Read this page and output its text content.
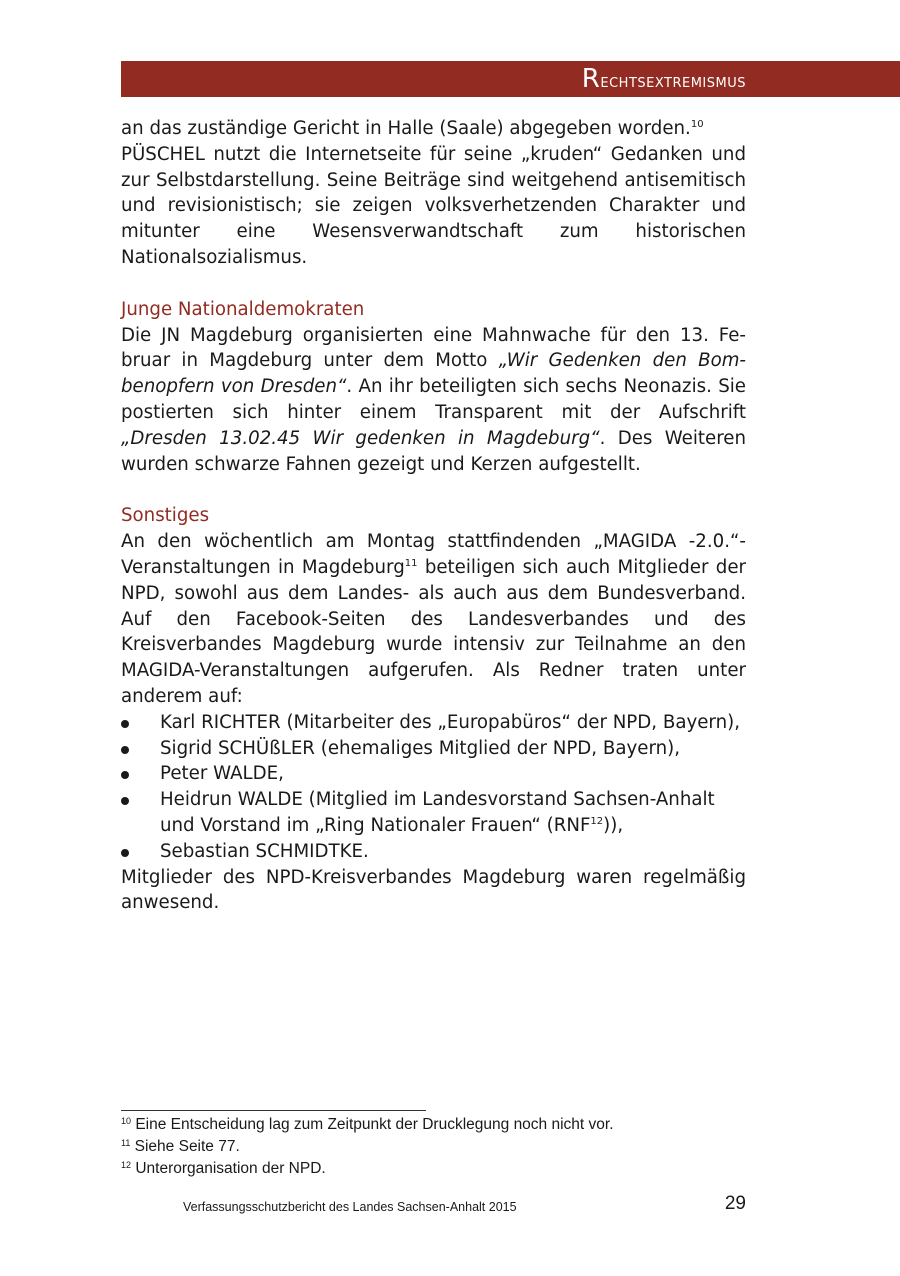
Rechtsextremismus

an das zuständige Gericht in Halle (Saale) abgegeben worden.$^{10}$
PÜSCHEL nutzt die Internetseite für seine „kruden“ Gedanken und zur Selbstdarstellung. Seine Beiträge sind weitgehend antisemitisch und revisionistisch; sie zeigen volksverhetzenden Charakter und mitunter eine Wesensverwandtschaft zum historischen Nationalsozialismus.

Junge Nationaldemokraten

Die JN Magdeburg organisierten eine Mahnwache für den 13. Februar in Magdeburg unter dem Motto „Wir Gedenken den Bombenopfern von Dresden“. An ihr beteiligten sich sechs Neonazis. Sie postierten sich hinter einem Transparent mit der Aufschrift „Dresden 13.02.45 Wir gedenken in Magdeburg“. Des Weiteren wurden schwarze Fahnen gezeigt und Kerzen aufgestellt.

Sonstiges

An den wöchentlich am Montag stattfindenden „MAGIDA -2.0.“-Veranstaltungen in Magdeburg$^{11}$ beteiligen sich auch Mitglieder der NPD, sowohl aus dem Landes- als auch aus dem Bundesverband. Auf den Facebook-Seiten des Landesverbandes und des Kreisverbandes Magdeburg wurde intensiv zur Teilnahme an den MAGIDA-Veranstaltungen aufgerufen. Als Redner traten unter anderem auf:

Karl RICHTER (Mitarbeiter des „Europabüros“ der NPD, Bayern),
Sigrid SCHÜßLER (ehemaliges Mitglied der NPD, Bayern),
Peter WALDE,
Heidrun WALDE (Mitglied im Landesvorstand Sachsen-Anhalt und Vorstand im „Ring Nationaler Frauen“ (RNF$^{12}$)),
Sebastian SCHMIDTKE.

Mitglieder des NPD-Kreisverbandes Magdeburg waren regelmäßig anwesend.

$^{10}$ Eine Entscheidung lag zum Zeitpunkt der Drucklegung noch nicht vor.
$^{11}$ Siehe Seite 77.
$^{12}$ Unterorganisation der NPD.
Verfassungsschutzbericht des Landes Sachsen-Anhalt 2015	29
